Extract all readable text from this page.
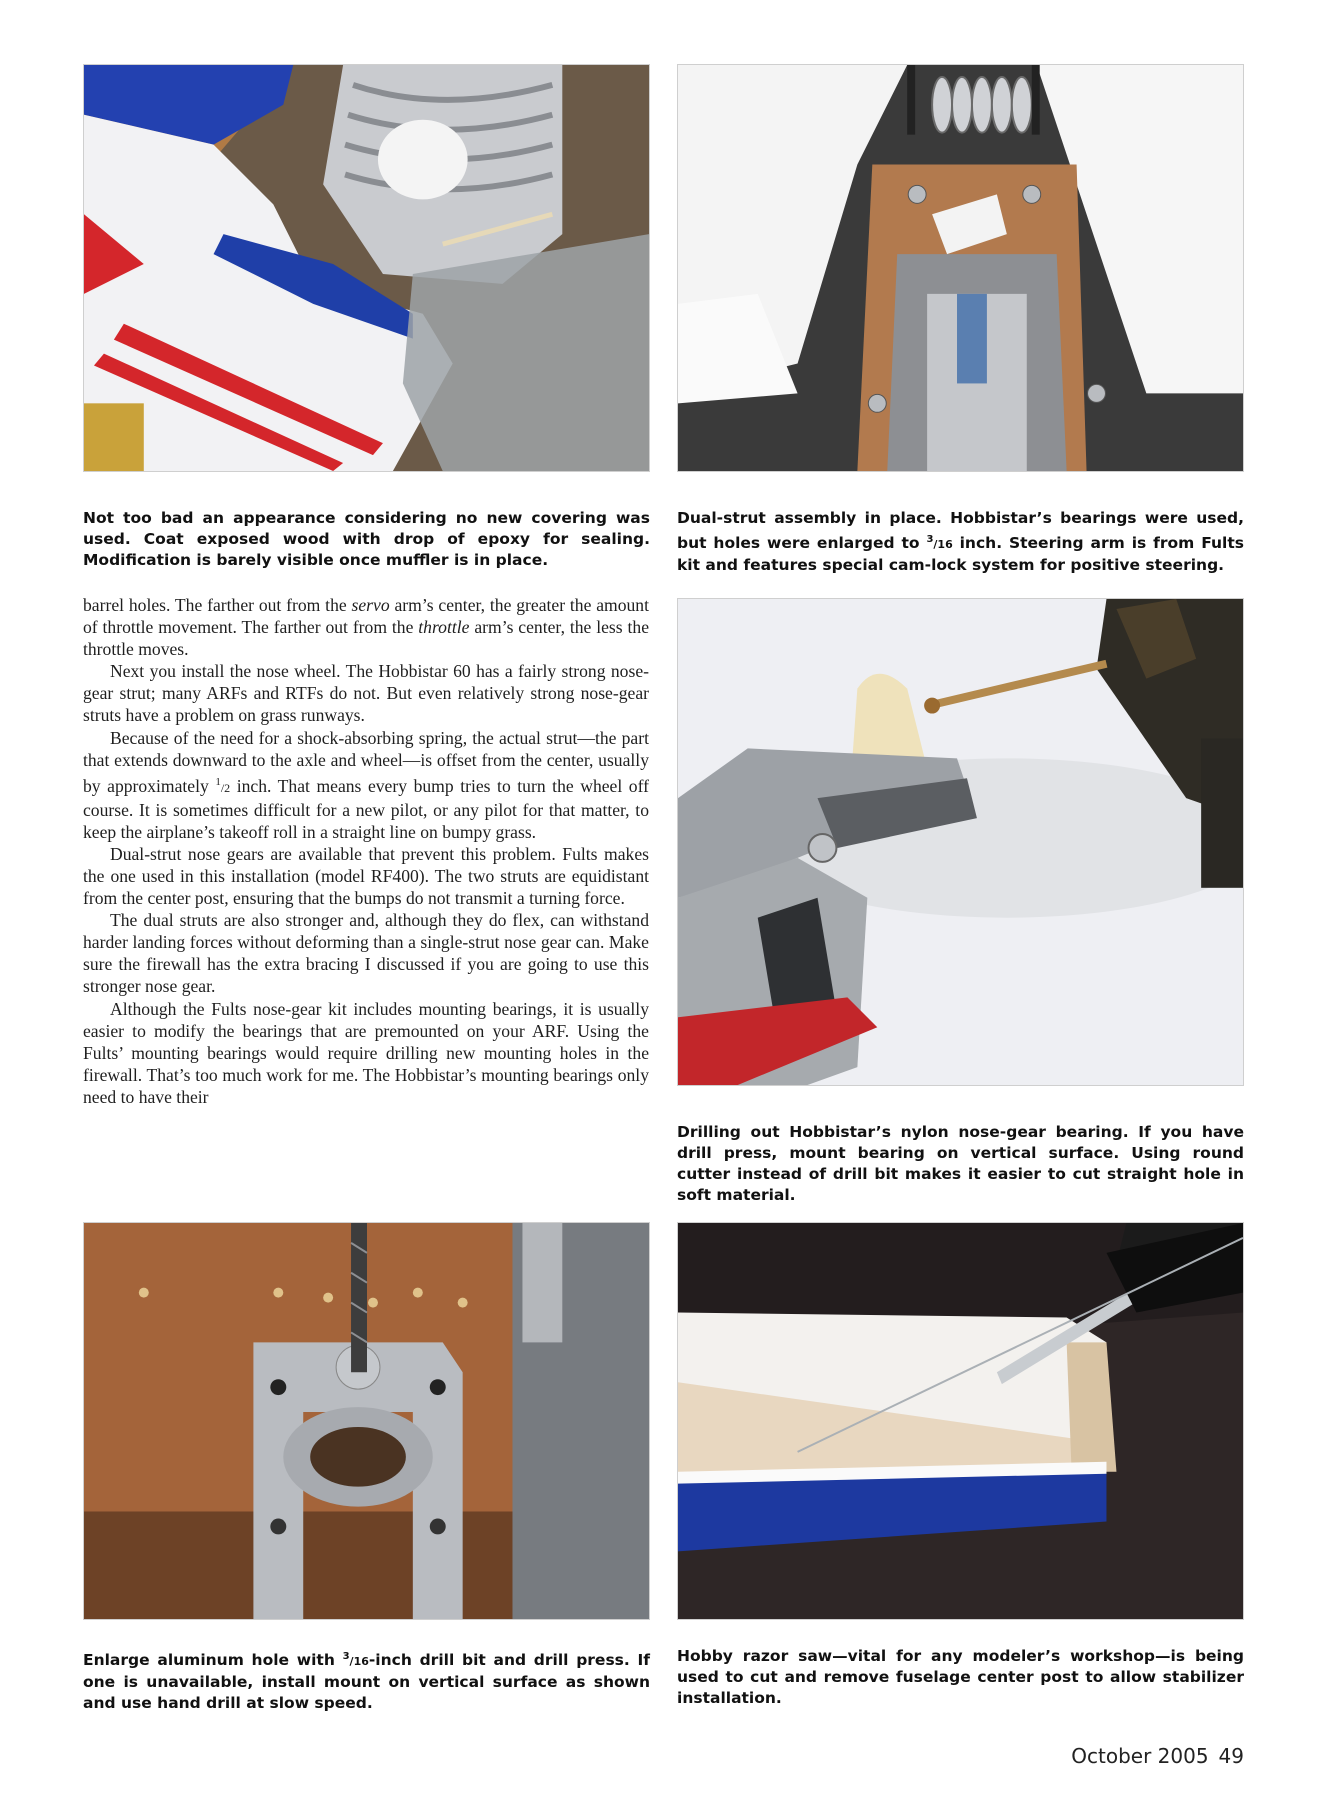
Not too bad an appearance considering no new covering was used. Coat exposed wood with drop of epoxy for sealing. Modification is barely visible once muffler is in place.

Dual-strut assembly in place. Hobbistar’s bearings were used, but holes were enlarged to $^3$/16 inch. Steering arm is from Fults kit and features special cam-lock system for positive steering.

Drilling out Hobbistar’s nylon nose-gear bearing. If you have drill press, mount bearing on vertical surface. Using round cutter instead of drill bit makes it easier to cut straight hole in soft material.

Enlarge aluminum hole with $^3$/16-inch drill bit and drill press. If one is unavailable, install mount on vertical surface as shown and use hand drill at slow speed.

Hobby razor saw—vital for any modeler’s workshop—is being used to cut and remove fuselage center post to allow stabilizer installation.

barrel holes. The farther out from the servo arm’s center, the greater the amount of throttle movement. The farther out from the throttle arm’s center, the less the throttle moves.

Next you install the nose wheel. The Hobbistar 60 has a fairly strong nose-gear strut; many ARFs and RTFs do not. But even relatively strong nose-gear struts have a problem on grass runways.

Because of the need for a shock-absorbing spring, the actual strut—the part that extends downward to the axle and wheel—is offset from the center, usually by approximately $^1$/2 inch. That means every bump tries to turn the wheel off course. It is sometimes difficult for a new pilot, or any pilot for that matter, to keep the airplane’s takeoff roll in a straight line on bumpy grass.

Dual-strut nose gears are available that prevent this problem. Fults makes the one used in this installation (model RF400). The two struts are equidistant from the center post, ensuring that the bumps do not transmit a turning force.

The dual struts are also stronger and, although they do flex, can withstand harder landing forces without deforming than a single-strut nose gear can. Make sure the firewall has the extra bracing I discussed if you are going to use this stronger nose gear.

Although the Fults nose-gear kit includes mounting bearings, it is usually easier to modify the bearings that are premounted on your ARF. Using the Fults’ mounting bearings would require drilling new mounting holes in the firewall. That’s too much work for me. The Hobbistar’s mounting bearings only need to have their

October 2005 49
